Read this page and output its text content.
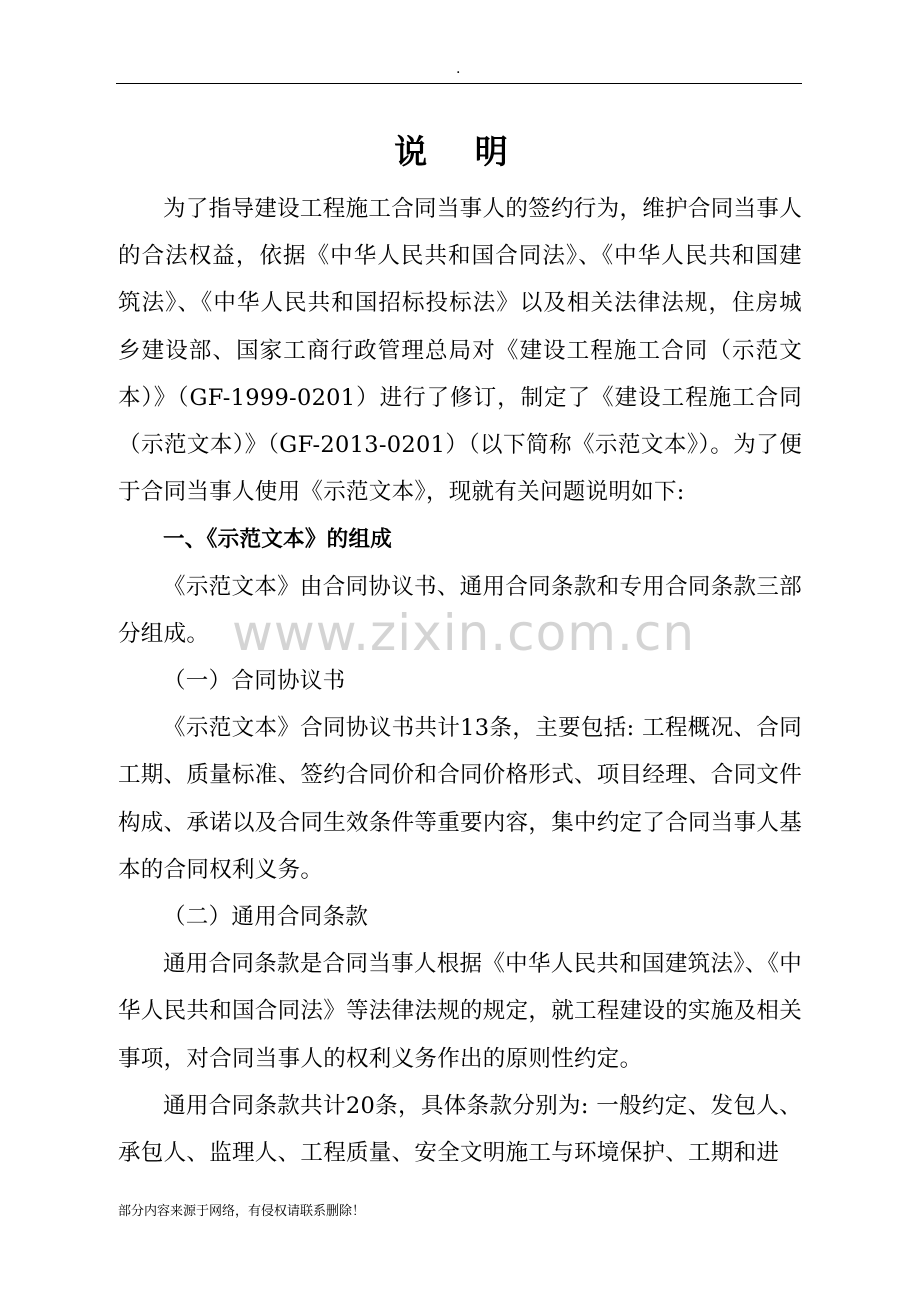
.
说 明

为了指导建设工程施工合同当事人的签约行为，维护合同当事人的合法权益，依据《中华人民共和国合同法》、《中华人民共和国建筑法》、《中华人民共和国招标投标法》以及相关法律法规，住房城乡建设部、国家工商行政管理总局对《建设工程施工合同（示范文本）》（GF-1999-0201）进行了修订，制定了《建设工程施工合同（示范文本）》（GF-2013-0201）（以下简称《示范文本》）。为了便于合同当事人使用《示范文本》，现就有关问题说明如下:

一、《示范文本》的组成

《示范文本》由合同协议书、通用合同条款和专用合同条款三部分组成。

（一）合同协议书

《示范文本》合同协议书共计13条，主要包括: 工程概况、合同工期、质量标准、签约合同价和合同价格形式、项目经理、合同文件构成、承诺以及合同生效条件等重要内容，集中约定了合同当事人基本的合同权利义务。

（二）通用合同条款

通用合同条款是合同当事人根据《中华人民共和国建筑法》、《中华人民共和国合同法》等法律法规的规定，就工程建设的实施及相关事项，对合同当事人的权利义务作出的原则性约定。

通用合同条款共计20条，具体条款分别为: 一般约定、发包人、承包人、监理人、工程质量、安全文明施工与环境保护、工期和进

www.zixin.com.cn
部分内容来源于网络，有侵权请联系删除！
